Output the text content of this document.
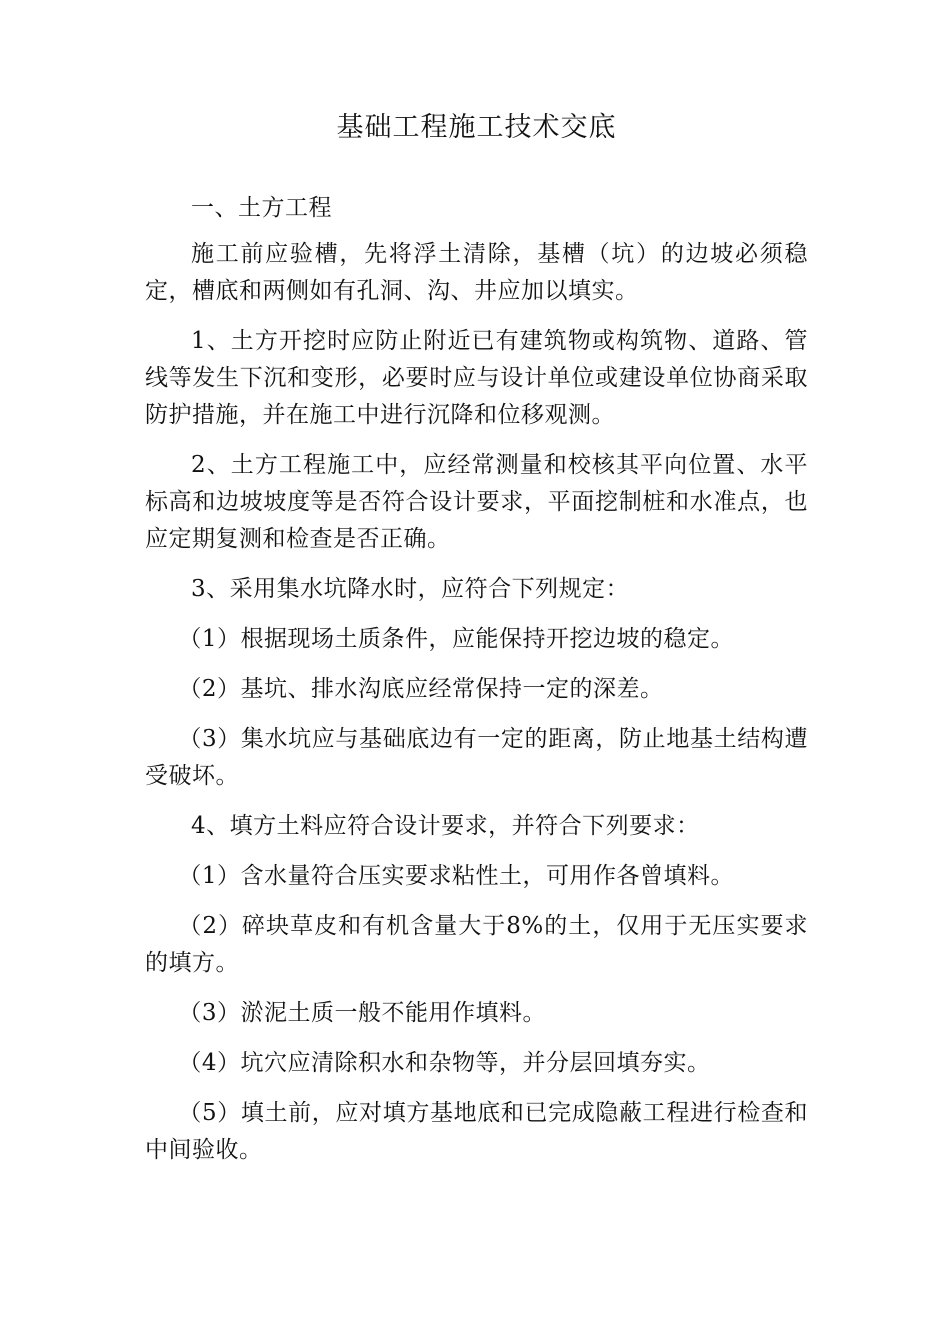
基础工程施工技术交底

一、土方工程

施工前应验槽，先将浮土清除，基槽（坑）的边坡必须稳定，槽底和两侧如有孔洞、沟、井应加以填实。

1、土方开挖时应防止附近已有建筑物或构筑物、道路、管线等发生下沉和变形，必要时应与设计单位或建设单位协商采取防护措施，并在施工中进行沉降和位移观测。

2、土方工程施工中，应经常测量和校核其平向位置、水平标高和边坡坡度等是否符合设计要求，平面挖制桩和水准点，也应定期复测和检查是否正确。

3、采用集水坑降水时，应符合下列规定：

（1）根据现场土质条件，应能保持开挖边坡的稳定。

（2）基坑、排水沟底应经常保持一定的深差。

（3）集水坑应与基础底边有一定的距离，防止地基土结构遭受破坏。

4、填方土料应符合设计要求，并符合下列要求：

（1）含水量符合压实要求粘性土，可用作各曾填料。

（2）碎块草皮和有机含量大于8%的土，仅用于无压实要求的填方。

（3）淤泥土质一般不能用作填料。

（4）坑穴应清除积水和杂物等，并分层回填夯实。

（5）填土前，应对填方基地底和已完成隐蔽工程进行检查和中间验收。
